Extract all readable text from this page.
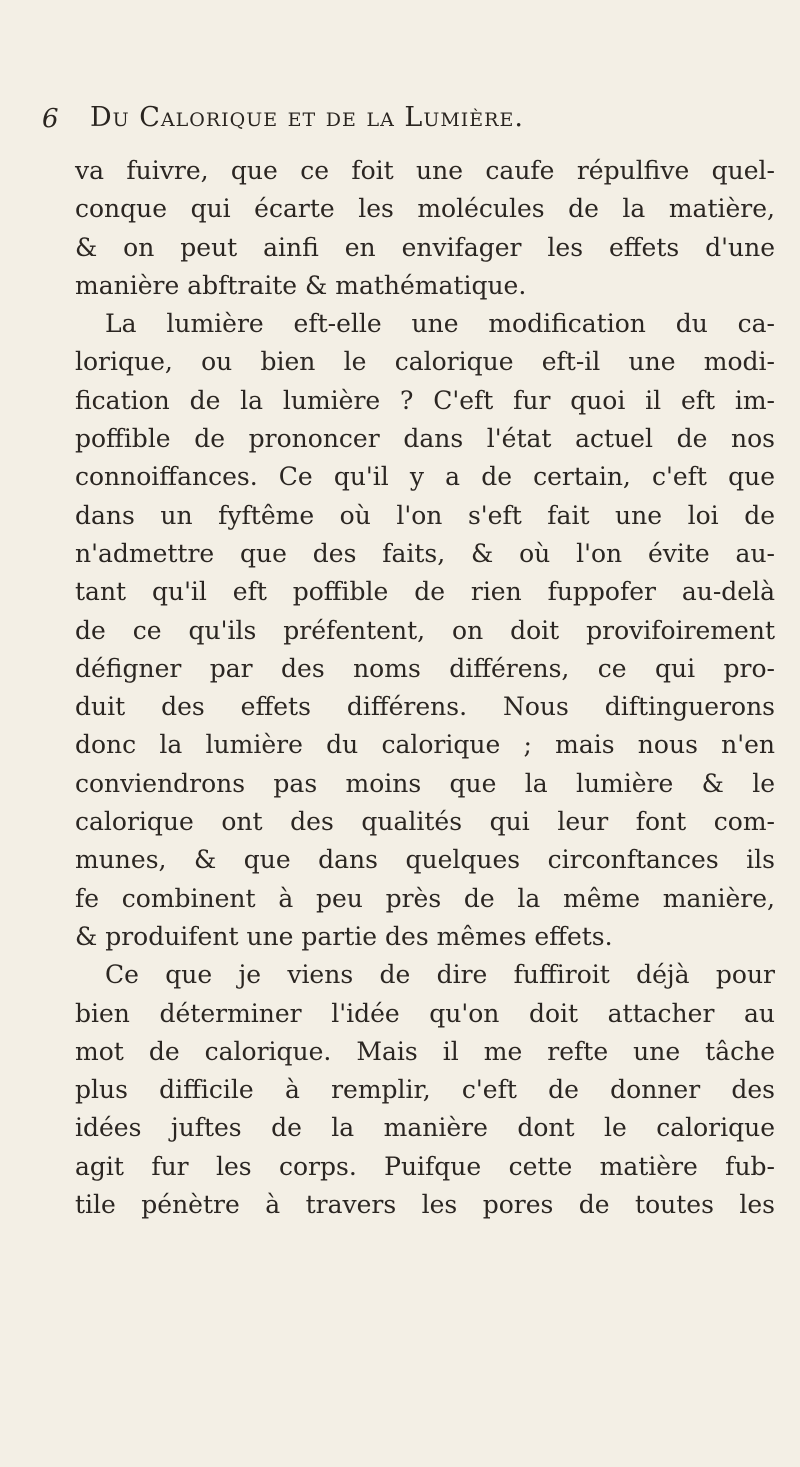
6 Du Calorique et de la Lumière.
va fuivre, que ce foit une caufe répulfive quel-
conque qui écarte les molécules de la matière,
& on peut ainfi en envifager les effets d'une
manière abftraite & mathématique.
La lumière eft-elle une modification du ca-
lorique, ou bien le calorique eft-il une modi-
fication de la lumière ? C'eft fur quoi il eft im-
poffible de prononcer dans l'état actuel de nos
connoiffances. Ce qu'il y a de certain, c'eft que
dans un fyftême où l'on s'eft fait une loi de
n'admettre que des faits, & où l'on évite au-
tant qu'il eft poffible de rien fuppofer au-delà
de ce qu'ils préfentent, on doit provifoirement
défigner par des noms différens, ce qui pro-
duit des effets différens. Nous diftinguerons
donc la lumière du calorique ; mais nous n'en
conviendrons pas moins que la lumière & le
calorique ont des qualités qui leur font com-
munes, & que dans quelques circonftances ils
fe combinent à peu près de la même manière,
& produifent une partie des mêmes effets.
Ce que je viens de dire fuffiroit déjà pour
bien déterminer l'idée qu'on doit attacher au
mot de calorique. Mais il me refte une tâche
plus difficile à remplir, c'eft de donner des
idées juftes de la manière dont le calorique
agit fur les corps. Puifque cette matière fub-
tile pénètre à travers les pores de toutes les
